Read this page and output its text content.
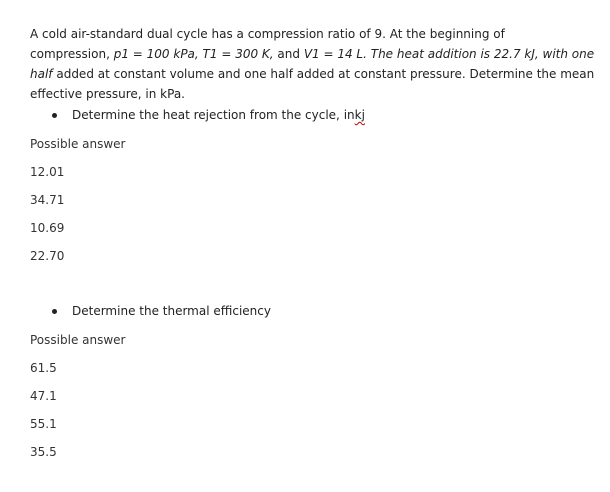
A cold air-standard dual cycle has a compression ratio of 9. At the beginning of
compression, p1 = 100 kPa, T1 = 300 K, and V1 = 14 L. The heat addition is 22.7 kJ, with one
half added at constant volume and one half added at constant pressure. Determine the mean
effective pressure, in kPa.
Determine the heat rejection from the cycle, in kj
Possible answer
12.01
34.71
10.69
22.70
Determine the thermal efficiency
Possible answer
61.5
47.1
55.1
35.5
